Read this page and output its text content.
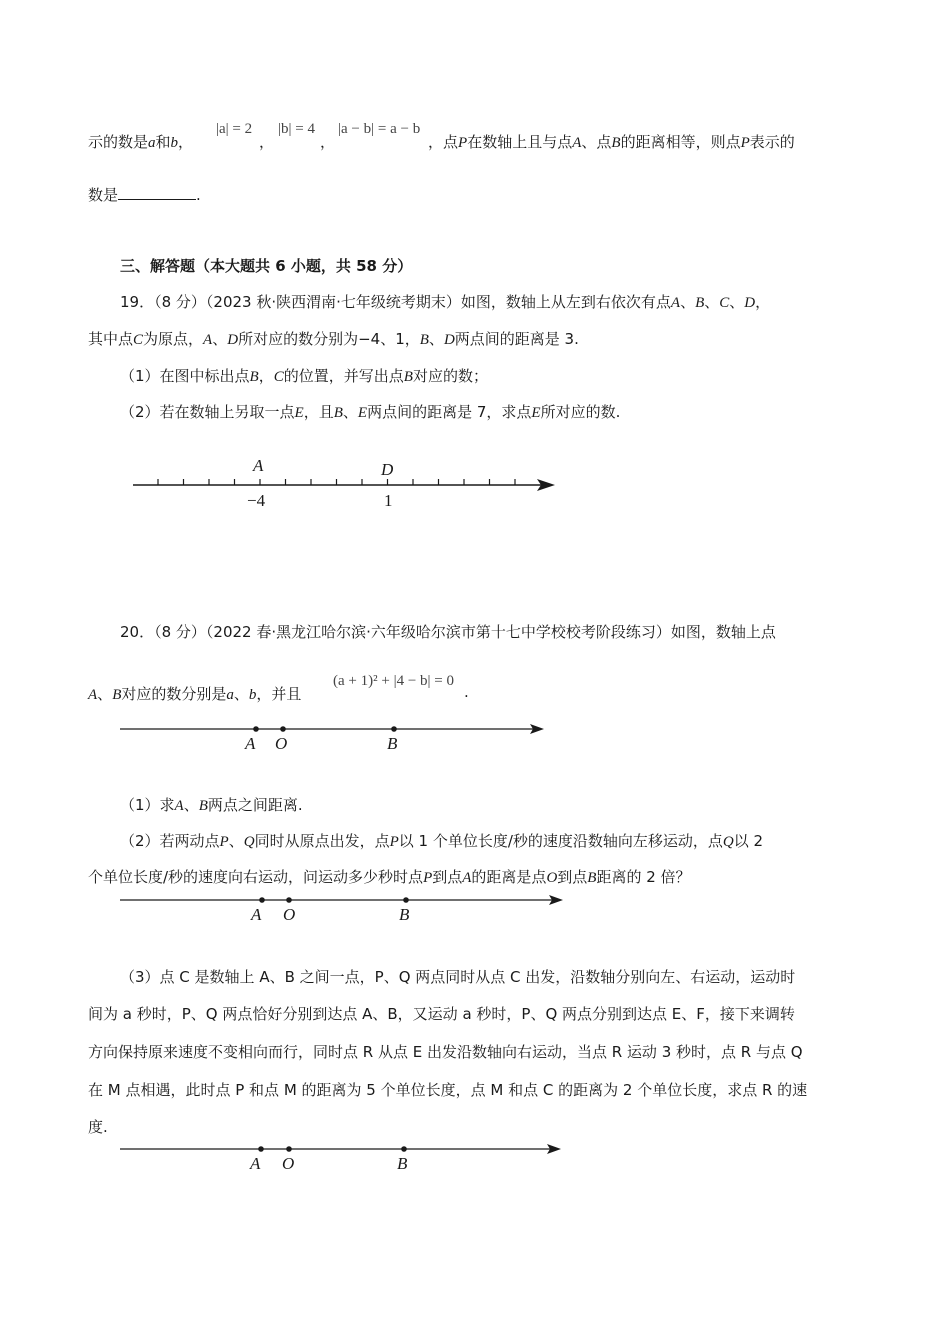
示的数是a和b，
|a| = 2
，
|b| = 4
，
|a − b| = a − b
，点P在数轴上且与点A、点B的距离相等，则点P表示的
数是	.
三、解答题（本大题共 6 小题，共 58 分）
19．（8 分）（2023 秋·陕西渭南·七年级统考期末）如图，数轴上从左到右依次有点A、B、C、D，
其中点C为原点，A、D所对应的数分别为−4、1，B、D两点间的距离是 3.
（1）在图中标出点B，C的位置，并写出点B对应的数；
（2）若在数轴上另取一点E，且B、E两点间的距离是 7，求点E所对应的数.
A	D
−4	1
20．（8 分）（2022 春·黑龙江哈尔滨·六年级哈尔滨市第十七中学校校考阶段练习）如图，数轴上点
A、B对应的数分别是a、b，并且
(a + 1)² + |4 − b| = 0
.
A O	B
（1）求A、B两点之间距离.
（2）若两动点P、Q同时从原点出发，点P以 1 个单位长度/秒的速度沿数轴向左移运动，点Q以 2
个单位长度/秒的速度向右运动，问运动多少秒时点P到点A的距离是点O到点B距离的 2 倍？
A O	B
（3）点 C 是数轴上 A、B 之间一点，P、Q 两点同时从点 C 出发，沿数轴分别向左、右运动，运动时
间为 a 秒时，P、Q 两点恰好分别到达点 A、B，又运动 a 秒时，P、Q 两点分别到达点 E、F，接下来调转
方向保持原来速度不变相向而行，同时点 R 从点 E 出发沿数轴向右运动，当点 R 运动 3 秒时，点 R 与点 Q
在 M 点相遇，此时点 P 和点 M 的距离为 5 个单位长度，点 M 和点 C 的距离为 2 个单位长度，求点 R 的速
度.
A O	B
